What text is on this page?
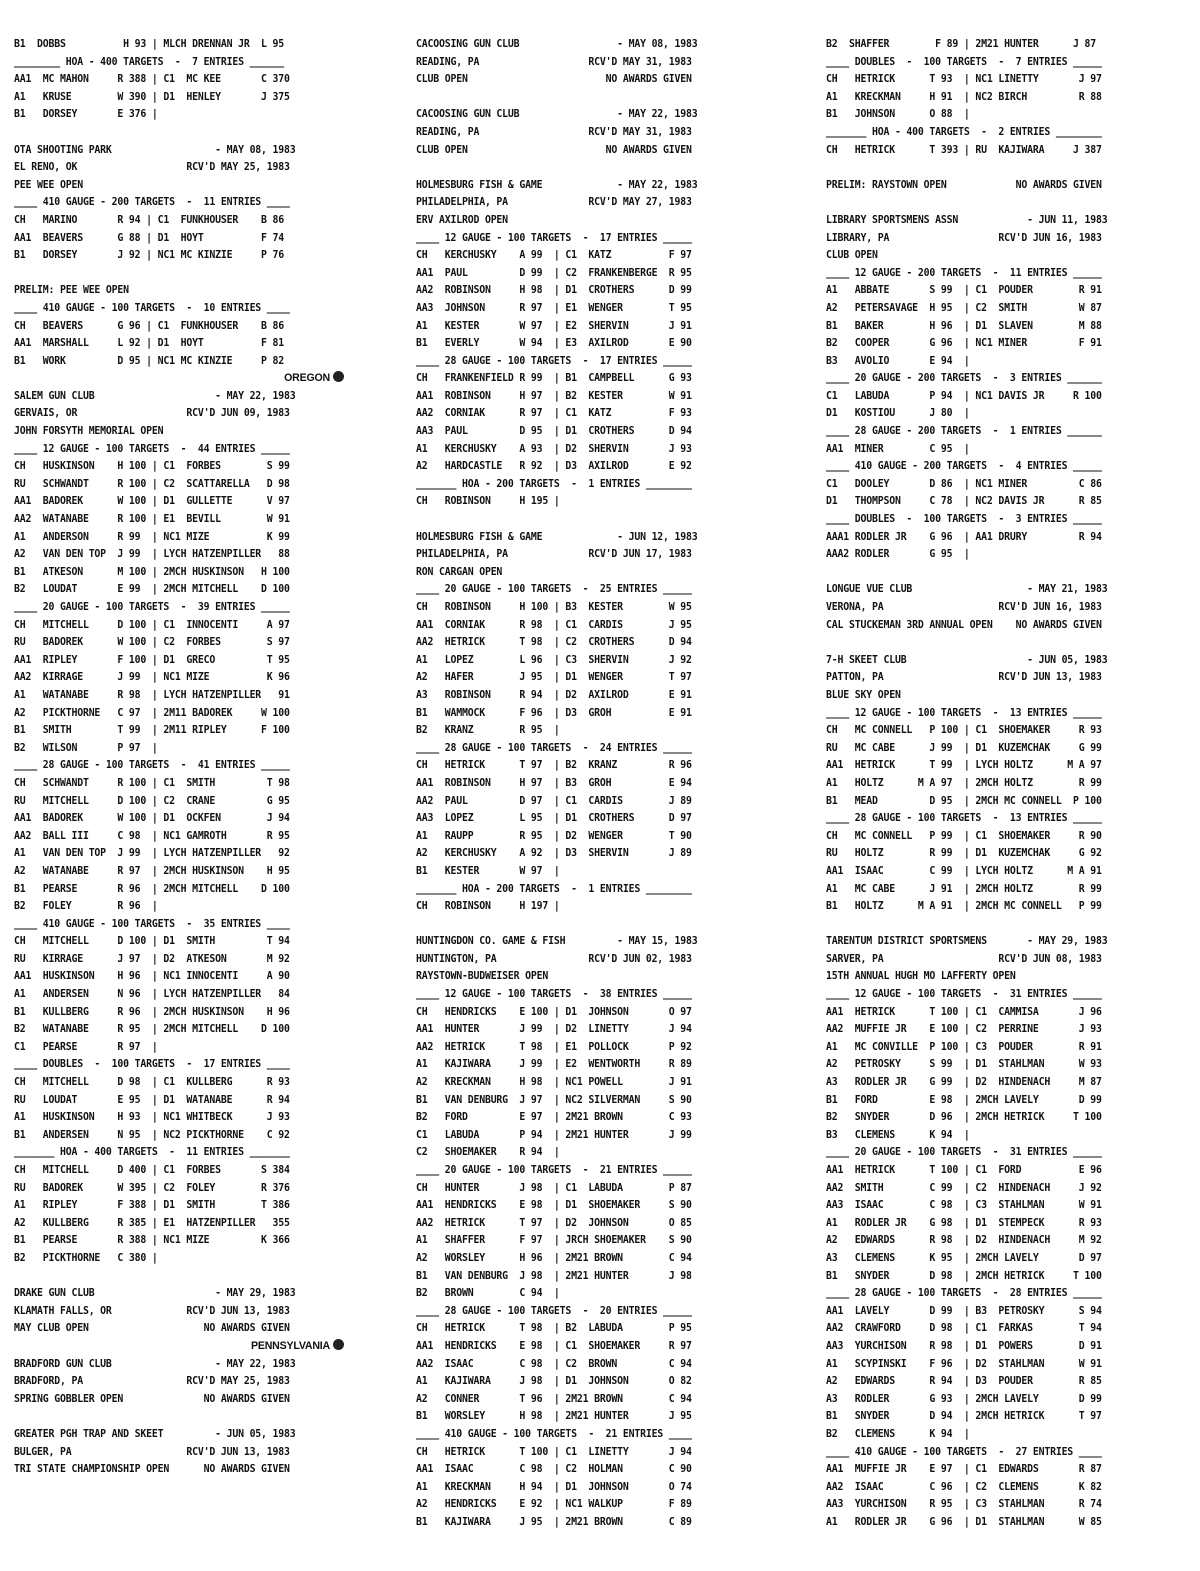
B1  DOBBS          H 93 | MLCH DRENNAN JR  L 95
________ HOA - 400 TARGETS  -  7 ENTRIES ______
AA1  MC MAHON     R 388 | C1  MC KEE       C 370
A1   KRUSE        W 390 | D1  HENLEY       J 375
B1   DORSEY       E 376 |
OTA SHOOTING PARK                  - MAY 08, 1983
EL RENO, OK                   RCV'D MAY 25, 1983
PEE WEE OPEN
____ 410 GAUGE - 200 TARGETS  -  11 ENTRIES ____
CH   MARINO       R 94 | C1  FUNKHOUSER    B 86
AA1  BEAVERS      G 88 | D1  HOYT          F 74
B1   DORSEY       J 92 | NC1 MC KINZIE     P 76
PRELIM: PEE WEE OPEN
____ 410 GAUGE - 100 TARGETS  -  10 ENTRIES ____
CH   BEAVERS      G 96 | C1  FUNKHOUSER    B 86
AA1  MARSHALL     L 92 | D1  HOYT          F 81
B1   WORK         D 95 | NC1 MC KINZIE     P 82
OREGON
SALEM GUN CLUB                     - MAY 22, 1983
GERVAIS, OR                   RCV'D JUN 09, 1983
JOHN FORSYTH MEMORIAL OPEN
____ 12 GAUGE - 100 TARGETS  -  44 ENTRIES _____
CH   HUSKINSON    H 100 | C1  FORBES        S 99
RU   SCHWANDT     R 100 | C2  SCATTARELLA   D 98
AA1  BADOREK      W 100 | D1  GULLETTE      V 97
AA2  WATANABE     R 100 | E1  BEVILL        W 91
A1   ANDERSON     R 99  | NC1 MIZE          K 99
A2   VAN DEN TOP  J 99  | LYCH HATZENPILLER   88
B1   ATKESON      M 100 | 2MCH HUSKINSON   H 100
B2   LOUDAT       E 99  | 2MCH MITCHELL    D 100
____ 20 GAUGE - 100 TARGETS  -  39 ENTRIES _____
CH   MITCHELL     D 100 | C1  INNOCENTI     A 97
RU   BADOREK      W 100 | C2  FORBES        S 97
AA1  RIPLEY       F 100 | D1  GRECO         T 95
AA2  KIRRAGE      J 99  | NC1 MIZE          K 96
A1   WATANABE     R 98  | LYCH HATZENPILLER   91
A2   PICKTHORNE   C 97  | 2M11 BADOREK     W 100
B1   SMITH        T 99  | 2M11 RIPLEY      F 100
B2   WILSON       P 97  |
____ 28 GAUGE - 100 TARGETS  -  41 ENTRIES _____
CH   SCHWANDT     R 100 | C1  SMITH         T 98
RU   MITCHELL     D 100 | C2  CRANE         G 95
AA1  BADOREK      W 100 | D1  OCKFEN        J 94
AA2  BALL III     C 98  | NC1 GAMROTH       R 95
A1   VAN DEN TOP  J 99  | LYCH HATZENPILLER   92
A2   WATANABE     R 97  | 2MCH HUSKINSON    H 95
B1   PEARSE       R 96  | 2MCH MITCHELL    D 100
B2   FOLEY        R 96  |
____ 410 GAUGE - 100 TARGETS  -  35 ENTRIES ____
CH   MITCHELL     D 100 | D1  SMITH         T 94
RU   KIRRAGE      J 97  | D2  ATKESON       M 92
AA1  HUSKINSON    H 96  | NC1 INNOCENTI     A 90
A1   ANDERSEN     N 96  | LYCH HATZENPILLER   84
B1   KULLBERG     R 96  | 2MCH HUSKINSON    H 96
B2   WATANABE     R 95  | 2MCH MITCHELL    D 100
C1   PEARSE       R 97  |
____ DOUBLES  -  100 TARGETS  -  17 ENTRIES ____
CH   MITCHELL     D 98  | C1  KULLBERG      R 93
RU   LOUDAT       E 95  | D1  WATANABE      R 94
A1   HUSKINSON    H 93  | NC1 WHITBECK      J 93
B1   ANDERSEN     N 95  | NC2 PICKTHORNE    C 92
_______ HOA - 400 TARGETS  -  11 ENTRIES _______
CH   MITCHELL     D 400 | C1  FORBES       S 384
RU   BADOREK      W 395 | C2  FOLEY        R 376
A1   RIPLEY       F 388 | D1  SMITH        T 386
A2   KULLBERG     R 385 | E1  HATZENPILLER   355
B1   PEARSE       R 388 | NC1 MIZE         K 366
B2   PICKTHORNE   C 380 |
DRAKE GUN CLUB                     - MAY 29, 1983
KLAMATH FALLS, OR             RCV'D JUN 13, 1983
MAY CLUB OPEN                    NO AWARDS GIVEN
PENNSYLVANIA
BRADFORD GUN CLUB                  - MAY 22, 1983
BRADFORD, PA                  RCV'D MAY 25, 1983
SPRING GOBBLER OPEN              NO AWARDS GIVEN
GREATER PGH TRAP AND SKEET         - JUN 05, 1983
BULGER, PA                    RCV'D JUN 13, 1983
TRI STATE CHAMPIONSHIP OPEN      NO AWARDS GIVEN
CACOOSING GUN CLUB                 - MAY 08, 1983
READING, PA                   RCV'D MAY 31, 1983
CLUB OPEN                        NO AWARDS GIVEN
CACOOSING GUN CLUB                 - MAY 22, 1983
READING, PA                   RCV'D MAY 31, 1983
CLUB OPEN                        NO AWARDS GIVEN
HOLMESBURG FISH & GAME             - MAY 22, 1983
PHILADELPHIA, PA              RCV'D MAY 27, 1983
ERV AXILROD OPEN
____ 12 GAUGE - 100 TARGETS  -  17 ENTRIES _____
CH   KERCHUSKY    A 99  | C1  KATZ          F 97
AA1  PAUL         D 99  | C2  FRANKENBERGE  R 95
AA2  ROBINSON     H 98  | D1  CROTHERS      D 99
AA3  JOHNSON      R 97  | E1  WENGER        T 95
A1   KESTER       W 97  | E2  SHERVIN       J 91
B1   EVERLY       W 94  | E3  AXILROD       E 90
____ 28 GAUGE - 100 TARGETS  -  17 ENTRIES _____
CH   FRANKENFIELD R 99  | B1  CAMPBELL      G 93
AA1  ROBINSON     H 97  | B2  KESTER        W 91
AA2  CORNIAK      R 97  | C1  KATZ          F 93
AA3  PAUL         D 95  | D1  CROTHERS      D 94
A1   KERCHUSKY    A 93  | D2  SHERVIN       J 93
A2   HARDCASTLE   R 92  | D3  AXILROD       E 92
_______ HOA - 200 TARGETS  -  1 ENTRIES ________
CH   ROBINSON     H 195 |
HOLMESBURG FISH & GAME             - JUN 12, 1983
PHILADELPHIA, PA              RCV'D JUN 17, 1983
RON CARGAN OPEN
____ 20 GAUGE - 100 TARGETS  -  25 ENTRIES _____
CH   ROBINSON     H 100 | B3  KESTER        W 95
AA1  CORNIAK      R 98  | C1  CARDIS        J 95
AA2  HETRICK      T 98  | C2  CROTHERS      D 94
A1   LOPEZ        L 96  | C3  SHERVIN       J 92
A2   HAFER        J 95  | D1  WENGER        T 97
A3   ROBINSON     R 94  | D2  AXILROD       E 91
B1   WAMMOCK      F 96  | D3  GROH          E 91
B2   KRANZ        R 95  |
____ 28 GAUGE - 100 TARGETS  -  24 ENTRIES _____
CH   HETRICK      T 97  | B2  KRANZ         R 96
AA1  ROBINSON     H 97  | B3  GROH          E 94
AA2  PAUL         D 97  | C1  CARDIS        J 89
AA3  LOPEZ        L 95  | D1  CROTHERS      D 97
A1   RAUPP        R 95  | D2  WENGER        T 90
A2   KERCHUSKY    A 92  | D3  SHERVIN       J 89
B1   KESTER       W 97  |
_______ HOA - 200 TARGETS  -  1 ENTRIES ________
CH   ROBINSON     H 197 |
HUNTINGDON CO. GAME & FISH         - MAY 15, 1983
HUNTINGTON, PA                RCV'D JUN 02, 1983
RAYSTOWN-BUDWEISER OPEN
____ 12 GAUGE - 100 TARGETS  -  38 ENTRIES _____
CH   HENDRICKS    E 100 | D1  JOHNSON       O 97
AA1  HUNTER       J 99  | D2  LINETTY       J 94
AA2  HETRICK      T 98  | E1  POLLOCK       P 92
A1   KAJIWARA     J 99  | E2  WENTWORTH     R 89
A2   KRECKMAN     H 98  | NC1 POWELL        J 91
B1   VAN DENBURG  J 97  | NC2 SILVERMAN     S 90
B2   FORD         E 97  | 2M21 BROWN        C 93
C1   LABUDA       P 94  | 2M21 HUNTER       J 99
C2   SHOEMAKER    R 94  |
____ 20 GAUGE - 100 TARGETS  -  21 ENTRIES _____
CH   HUNTER       J 98  | C1  LABUDA        P 87
AA1  HENDRICKS    E 98  | D1  SHOEMAKER     S 90
AA2  HETRICK      T 97  | D2  JOHNSON       O 85
A1   SHAFFER      F 97  | JRCH SHOEMAKER    S 90
A2   WORSLEY      H 96  | 2M21 BROWN        C 94
B1   VAN DENBURG  J 98  | 2M21 HUNTER       J 98
B2   BROWN        C 94  |
____ 28 GAUGE - 100 TARGETS  -  20 ENTRIES _____
CH   HETRICK      T 98  | B2  LABUDA        P 95
AA1  HENDRICKS    E 98  | C1  SHOEMAKER     R 97
AA2  ISAAC        C 98  | C2  BROWN         C 94
A1   KAJIWARA     J 98  | D1  JOHNSON       O 82
A2   CONNER       T 96  | 2M21 BROWN        C 94
B1   WORSLEY      H 98  | 2M21 HUNTER       J 95
____ 410 GAUGE - 100 TARGETS  -  21 ENTRIES ____
CH   HETRICK      T 100 | C1  LINETTY       J 94
AA1  ISAAC        C 98  | C2  HOLMAN        C 90
A1   KRECKMAN     H 94  | D1  JOHNSON       O 74
A2   HENDRICKS    E 92  | NC1 WALKUP        F 89
B1   KAJIWARA     J 95  | 2M21 BROWN        C 89
B2  SHAFFER        F 89 | 2M21 HUNTER      J 87
____ DOUBLES  -  100 TARGETS  -  7 ENTRIES _____
CH   HETRICK      T 93  | NC1 LINETTY       J 97
A1   KRECKMAN     H 91  | NC2 BIRCH         R 88
B1   JOHNSON      O 88  |
_______ HOA - 400 TARGETS  -  2 ENTRIES ________
CH   HETRICK      T 393 | RU  KAJIWARA     J 387
PRELIM: RAYSTOWN OPEN            NO AWARDS GIVEN
LIBRARY SPORTSMENS ASSN            - JUN 11, 1983
LIBRARY, PA                   RCV'D JUN 16, 1983
CLUB OPEN
____ 12 GAUGE - 200 TARGETS  -  11 ENTRIES _____
A1   ABBATE       S 99  | C1  POUDER        R 91
A2   PETERSAVAGE  H 95  | C2  SMITH         W 87
B1   BAKER        H 96  | D1  SLAVEN        M 88
B2   COOPER       G 96  | NC1 MINER         F 91
B3   AVOLIO       E 94  |
____ 20 GAUGE - 200 TARGETS  -  3 ENTRIES ______
C1   LABUDA       P 94  | NC1 DAVIS JR     R 100
D1   KOSTIOU      J 80  |
____ 28 GAUGE - 200 TARGETS  -  1 ENTRIES ______
AA1  MINER        C 95  |
____ 410 GAUGE - 200 TARGETS  -  4 ENTRIES _____
C1   DOOLEY       D 86  | NC1 MINER         C 86
D1   THOMPSON     C 78  | NC2 DAVIS JR      R 85
____ DOUBLES  -  100 TARGETS  -  3 ENTRIES _____
AAA1 RODLER JR    G 96  | AA1 DRURY         R 94
AAA2 RODLER       G 95  |
LONGUE VUE CLUB                    - MAY 21, 1983
VERONA, PA                    RCV'D JUN 16, 1983
CAL STUCKEMAN 3RD ANNUAL OPEN    NO AWARDS GIVEN
7-H SKEET CLUB                     - JUN 05, 1983
PATTON, PA                    RCV'D JUN 13, 1983
BLUE SKY OPEN
____ 12 GAUGE - 100 TARGETS  -  13 ENTRIES _____
CH   MC CONNELL   P 100 | C1  SHOEMAKER     R 93
RU   MC CABE      J 99  | D1  KUZEMCHAK     G 99
AA1  HETRICK      T 99  | LYCH HOLTZ      M A 97
A1   HOLTZ      M A 97  | 2MCH HOLTZ        R 99
B1   MEAD         D 95  | 2MCH MC CONNELL  P 100
____ 28 GAUGE - 100 TARGETS  -  13 ENTRIES _____
CH   MC CONNELL   P 99  | C1  SHOEMAKER     R 90
RU   HOLTZ        R 99  | D1  KUZEMCHAK     G 92
AA1  ISAAC        C 99  | LYCH HOLTZ      M A 91
A1   MC CABE      J 91  | 2MCH HOLTZ        R 99
B1   HOLTZ      M A 91  | 2MCH MC CONNELL   P 99
TARENTUM DISTRICT SPORTSMENS       - MAY 29, 1983
SARVER, PA                    RCV'D JUN 08, 1983
15TH ANNUAL HUGH MO LAFFERTY OPEN
____ 12 GAUGE - 100 TARGETS  -  31 ENTRIES _____
AA1  HETRICK      T 100 | C1  CAMMISA       J 96
AA2  MUFFIE JR    E 100 | C2  PERRINE       J 93
A1   MC CONVILLE  P 100 | C3  POUDER        R 91
A2   PETROSKY     S 99  | D1  STAHLMAN      W 93
A3   RODLER JR    G 99  | D2  HINDENACH     M 87
B1   FORD         E 98  | 2MCH LAVELY       D 99
B2   SNYDER       D 96  | 2MCH HETRICK     T 100
B3   CLEMENS      K 94  |
____ 20 GAUGE - 100 TARGETS  -  31 ENTRIES _____
AA1  HETRICK      T 100 | C1  FORD          E 96
AA2  SMITH        C 99  | C2  HINDENACH     J 92
AA3  ISAAC        C 98  | C3  STAHLMAN      W 91
A1   RODLER JR    G 98  | D1  STEMPECK      R 93
A2   EDWARDS      R 98  | D2  HINDENACH     M 92
A3   CLEMENS      K 95  | 2MCH LAVELY       D 97
B1   SNYDER       D 98  | 2MCH HETRICK     T 100
____ 28 GAUGE - 100 TARGETS  -  28 ENTRIES _____
AA1  LAVELY       D 99  | B3  PETROSKY      S 94
AA2  CRAWFORD     D 98  | C1  FARKAS        T 94
AA3  YURCHISON    R 98  | D1  POWERS        D 91
A1   SCYPINSKI    F 96  | D2  STAHLMAN      W 91
A2   EDWARDS      R 94  | D3  POUDER        R 85
A3   RODLER       G 93  | 2MCH LAVELY       D 99
B1   SNYDER       D 94  | 2MCH HETRICK      T 97
B2   CLEMENS      K 94  |
____ 410 GAUGE - 100 TARGETS  -  27 ENTRIES ____
AA1  MUFFIE JR    E 97  | C1  EDWARDS       R 87
AA2  ISAAC        C 96  | C2  CLEMENS       K 82
AA3  YURCHISON    R 95  | C3  STAHLMAN      R 74
A1   RODLER JR    G 96  | D1  STAHLMAN      W 85
